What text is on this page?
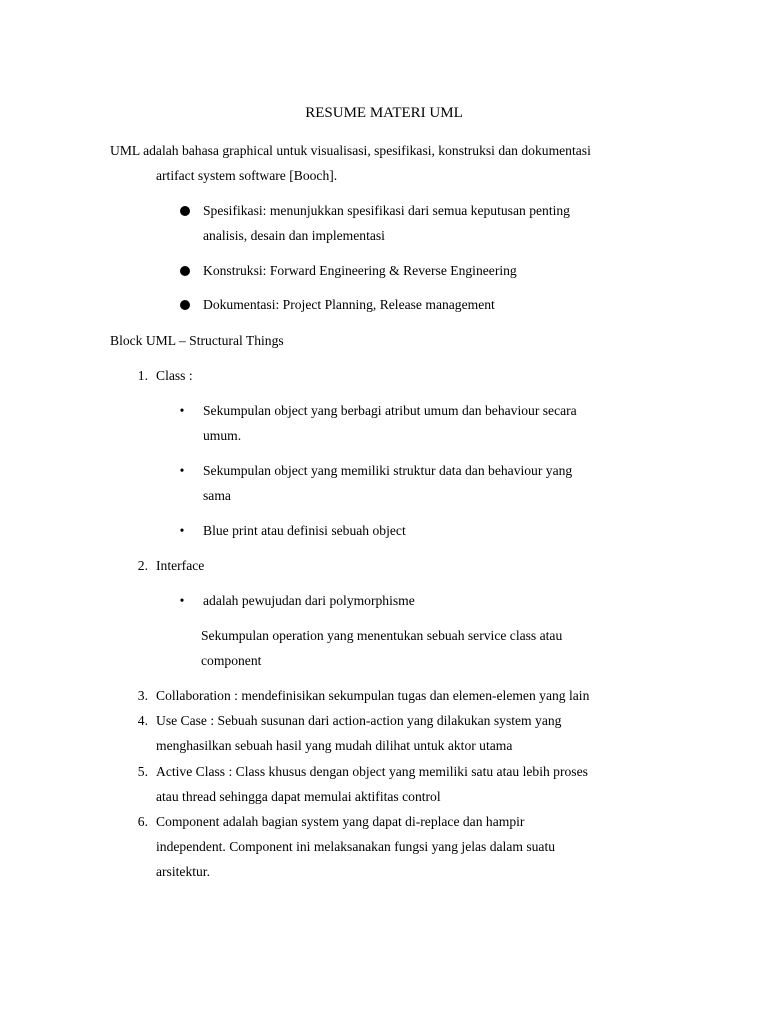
RESUME MATERI UML
UML adalah bahasa graphical untuk visualisasi, spesifikasi, konstruksi dan dokumentasi
artifact system software [Booch].
Spesifikasi: menunjukkan spesifikasi dari semua keputusan penting
analisis, desain dan implementasi
Konstruksi: Forward Engineering & Reverse Engineering
Dokumentasi: Project Planning, Release management
Block UML – Structural Things
1. Class :
• Sekumpulan object yang berbagi atribut umum dan behaviour secara
umum.
• Sekumpulan object yang memiliki struktur data dan behaviour yang
sama
• Blue print atau definisi sebuah object
2. Interface
• adalah pewujudan dari polymorphisme
Sekumpulan operation yang menentukan sebuah service class atau
component
3. Collaboration : mendefinisikan sekumpulan tugas dan elemen-elemen yang lain
4. Use Case : Sebuah susunan dari action-action yang dilakukan system yang
menghasilkan sebuah hasil yang mudah dilihat untuk aktor utama
5. Active Class : Class khusus dengan object yang memiliki satu atau lebih proses
atau thread sehingga dapat memulai aktifitas control
6. Component adalah bagian system yang dapat di-replace dan hampir
independent. Component ini melaksanakan fungsi yang jelas dalam suatu
arsitektur.
